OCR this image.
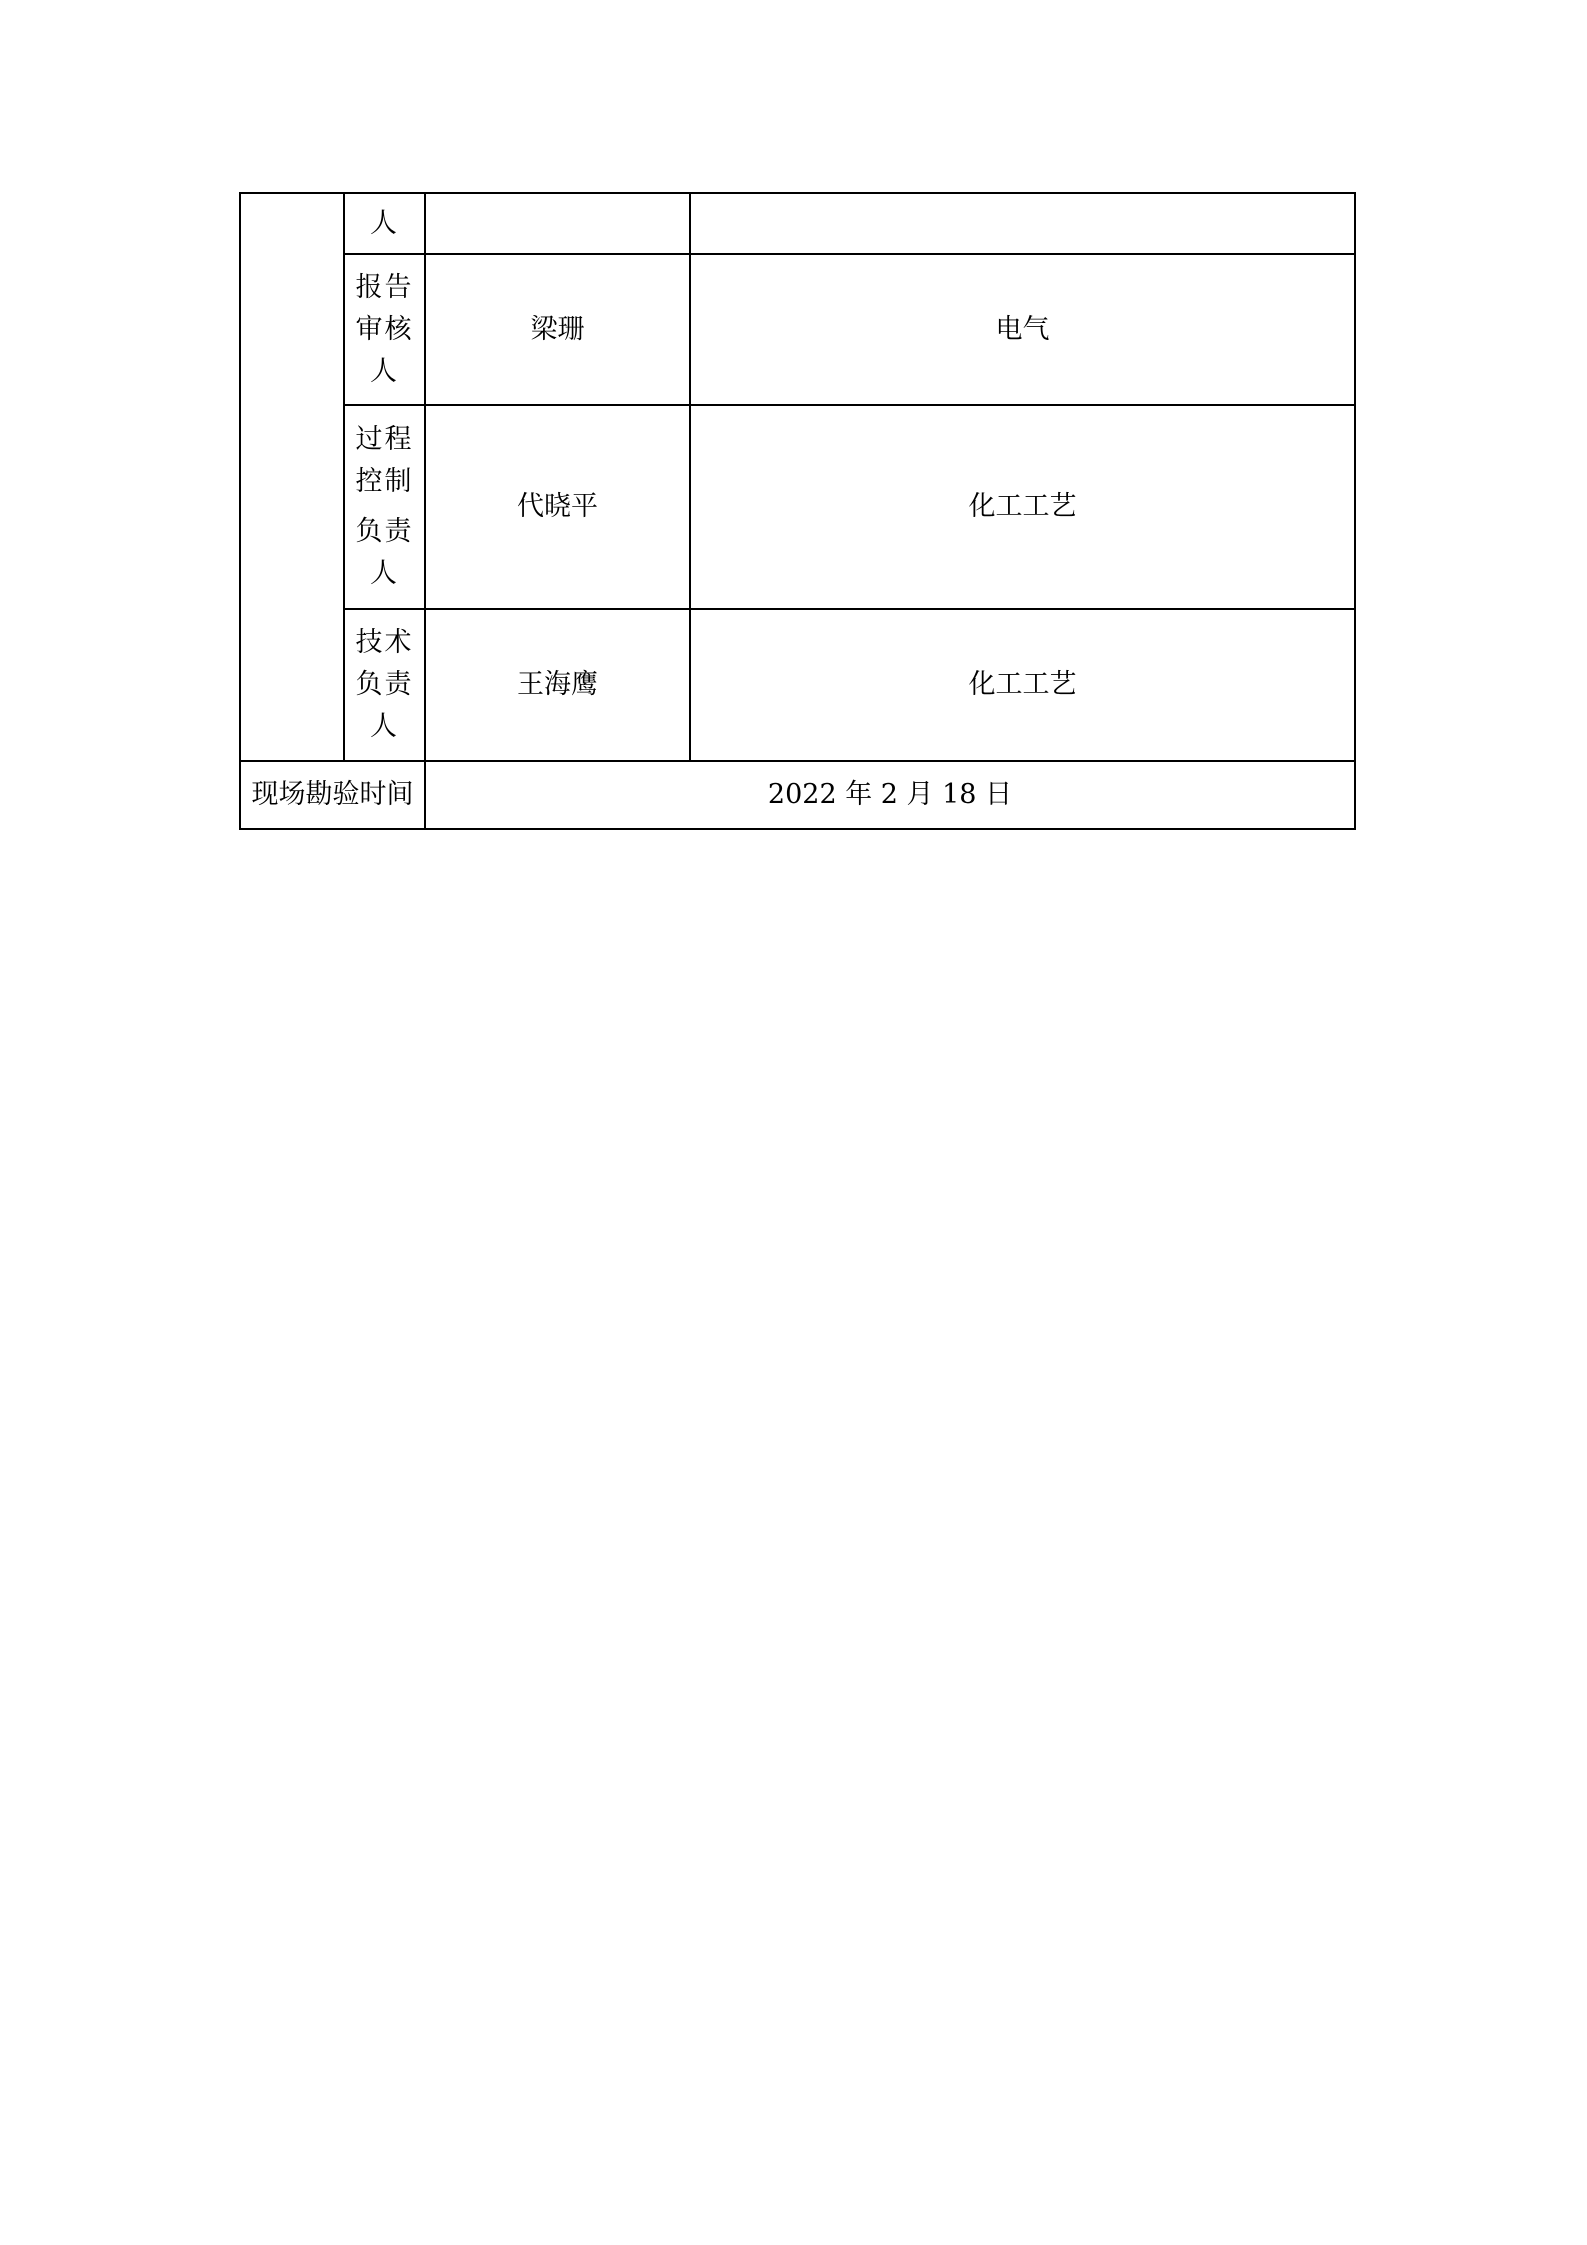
	人		

	报告
审核
人	梁珊	电气

	过程
控制
负责
人	代晓平	化工工艺

	技术
负责
人	王海鹰	化工工艺
现场勘验时间		2022 年 2 月 18 日	
